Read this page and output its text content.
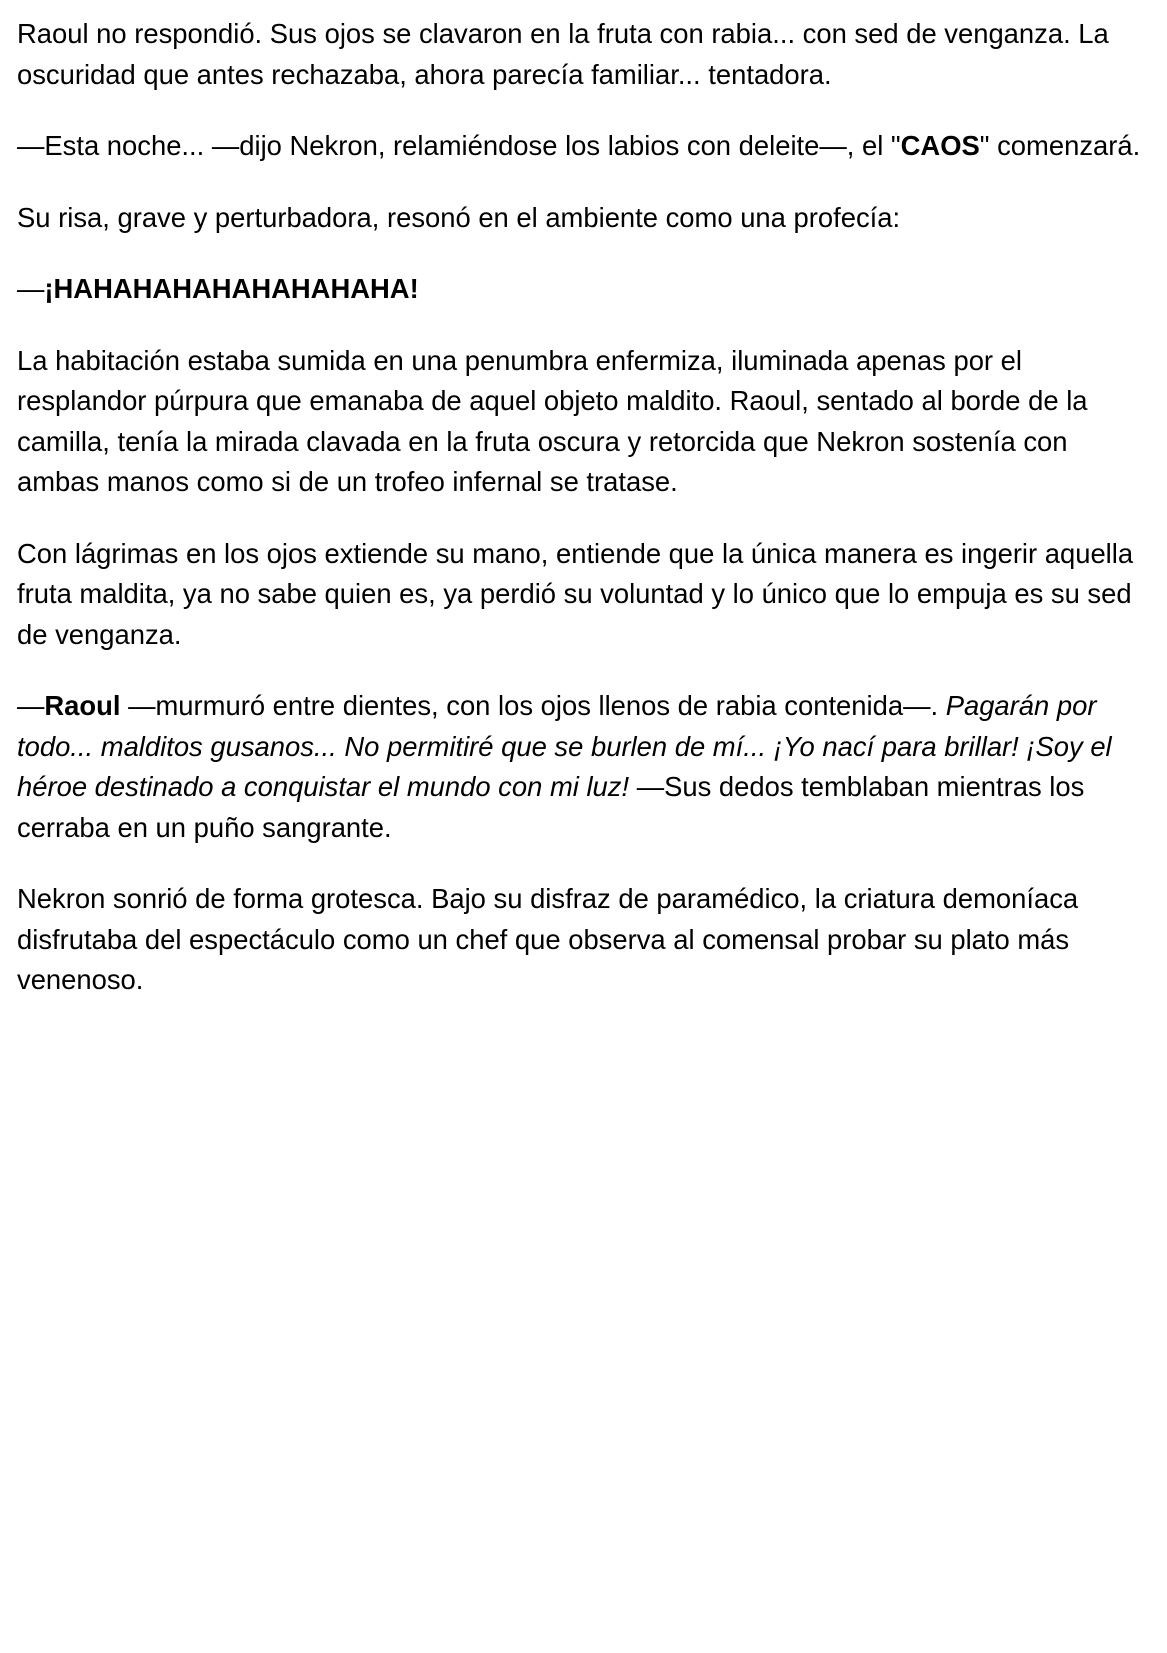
Raoul no respondió. Sus ojos se clavaron en la fruta con rabia... con sed de venganza. La oscuridad que antes rechazaba, ahora parecía familiar... tentadora.

—Esta noche... —dijo Nekron, relamiéndose los labios con deleite—, el "CAOS" comenzará.

Su risa, grave y perturbadora, resonó en el ambiente como una profecía:

—¡HAHAHAHAHAHAHAHAHA!

La habitación estaba sumida en una penumbra enfermiza, iluminada apenas por el resplandor púrpura que emanaba de aquel objeto maldito. Raoul, sentado al borde de la camilla, tenía la mirada clavada en la fruta oscura y retorcida que Nekron sostenía con ambas manos como si de un trofeo infernal se tratase.

Con lágrimas en los ojos extiende su mano, entiende que la única manera es ingerir aquella fruta maldita, ya no sabe quien es, ya perdió su voluntad y lo único que lo empuja es su sed de venganza.

—Raoul —murmuró entre dientes, con los ojos llenos de rabia contenida—. Pagarán por todo... malditos gusanos... No permitiré que se burlen de mí... ¡Yo nací para brillar! ¡Soy el héroe destinado a conquistar el mundo con mi luz! —Sus dedos temblaban mientras los cerraba en un puño sangrante.

Nekron sonrió de forma grotesca. Bajo su disfraz de paramédico, la criatura demoníaca disfrutaba del espectáculo como un chef que observa al comensal probar su plato más venenoso.
